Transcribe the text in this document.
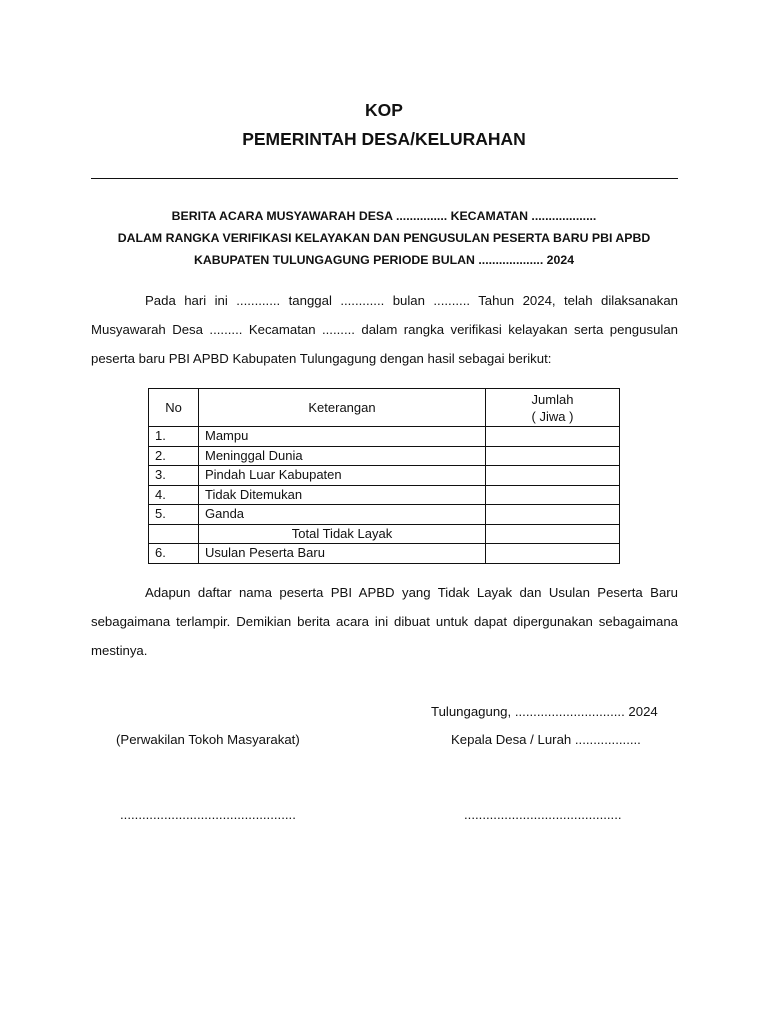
KOP
PEMERINTAH DESA/KELURAHAN
BERITA ACARA MUSYAWARAH DESA ............... KECAMATAN ...................
DALAM RANGKA VERIFIKASI KELAYAKAN DAN PENGUSULAN PESERTA BARU PBI APBD
KABUPATEN TULUNGAGUNG PERIODE BULAN ................... 2024

Pada hari ini ............ tanggal ............ bulan .......... Tahun 2024, telah dilaksanakan Musyawarah Desa ......... Kecamatan ......... dalam rangka verifikasi kelayakan serta pengusulan peserta baru PBI APBD Kabupaten Tulungagung dengan hasil sebagai berikut:

No	Keterangan	Jumlah
( Jiwa )

1.	Mampu	
2.	Meninggal Dunia	
3.	Pindah Luar Kabupaten	
4.	Tidak Ditemukan	
5.	Ganda	
	Total Tidak Layak	
6.	Usulan Peserta Baru	

Adapun daftar nama peserta PBI APBD yang Tidak Layak dan Usulan Peserta Baru sebagaimana terlampir. Demikian berita acara ini dibuat untuk dapat dipergunakan sebagaimana mestinya.

Tulungagung, .............................. 2024
(Perwakilan Tokoh Masyarakat)	Kepala Desa / Lurah ..................
................................................	...........................................
